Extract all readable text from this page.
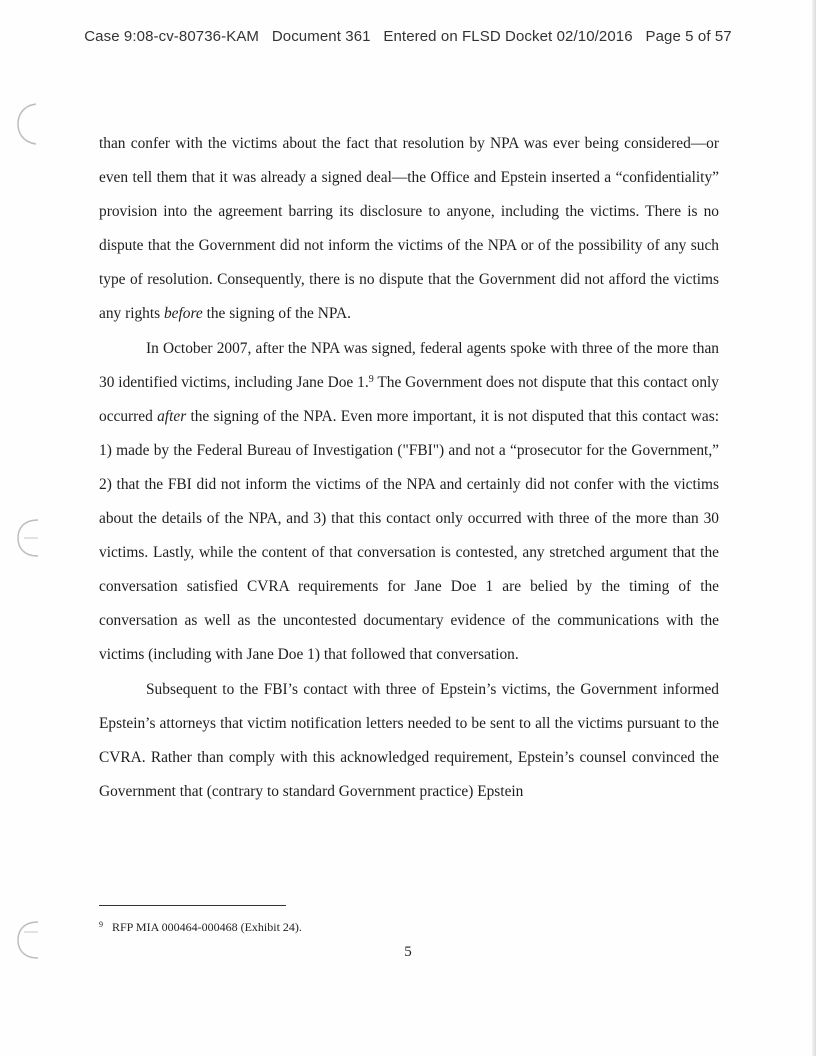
Case 9:08-cv-80736-KAM   Document 361   Entered on FLSD Docket 02/10/2016   Page 5 of 57

than confer with the victims about the fact that resolution by NPA was ever being considered—or even tell them that it was already a signed deal—the Office and Epstein inserted a “confidentiality” provision into the agreement barring its disclosure to anyone, including the victims. There is no dispute that the Government did not inform the victims of the NPA or of the possibility of any such type of resolution. Consequently, there is no dispute that the Government did not afford the victims any rights before the signing of the NPA.

In October 2007, after the NPA was signed, federal agents spoke with three of the more than 30 identified victims, including Jane Doe 1.$^9$ The Government does not dispute that this contact only occurred after the signing of the NPA. Even more important, it is not disputed that this contact was: 1) made by the Federal Bureau of Investigation ("FBI") and not a “prosecutor for the Government,” 2) that the FBI did not inform the victims of the NPA and certainly did not confer with the victims about the details of the NPA, and 3) that this contact only occurred with three of the more than 30 victims. Lastly, while the content of that conversation is contested, any stretched argument that the conversation satisfied CVRA requirements for Jane Doe 1 are belied by the timing of the conversation as well as the uncontested documentary evidence of the communications with the victims (including with Jane Doe 1) that followed that conversation.

Subsequent to the FBI’s contact with three of Epstein’s victims, the Government informed Epstein’s attorneys that victim notification letters needed to be sent to all the victims pursuant to the CVRA. Rather than comply with this acknowledged requirement, Epstein’s counsel convinced the Government that (contrary to standard Government practice) Epstein

$^9$ RFP MIA 000464-000468 (Exhibit 24).
5
